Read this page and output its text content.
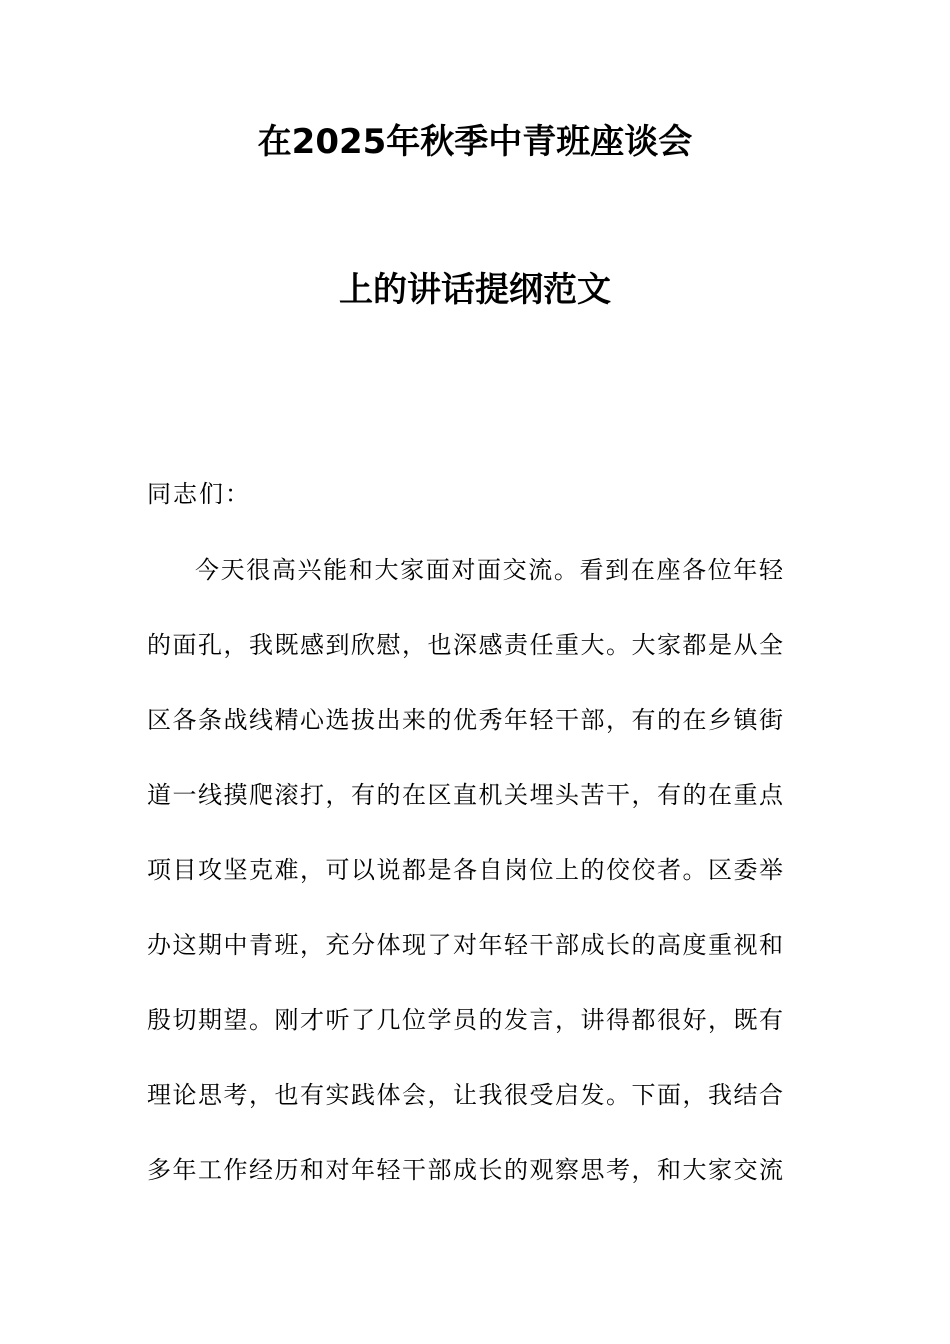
在2025年秋季中青班座谈会
上的讲话提纲范文
同志们：
今天很高兴能和大家面对面交流。看到在座各位年轻
的面孔，我既感到欣慰，也深感责任重大。大家都是从全
区各条战线精心选拔出来的优秀年轻干部，有的在乡镇街
道一线摸爬滚打，有的在区直机关埋头苦干，有的在重点
项目攻坚克难，可以说都是各自岗位上的佼佼者。区委举
办这期中青班，充分体现了对年轻干部成长的高度重视和
殷切期望。刚才听了几位学员的发言，讲得都很好，既有
理论思考，也有实践体会，让我很受启发。下面，我结合
多年工作经历和对年轻干部成长的观察思考，和大家交流
